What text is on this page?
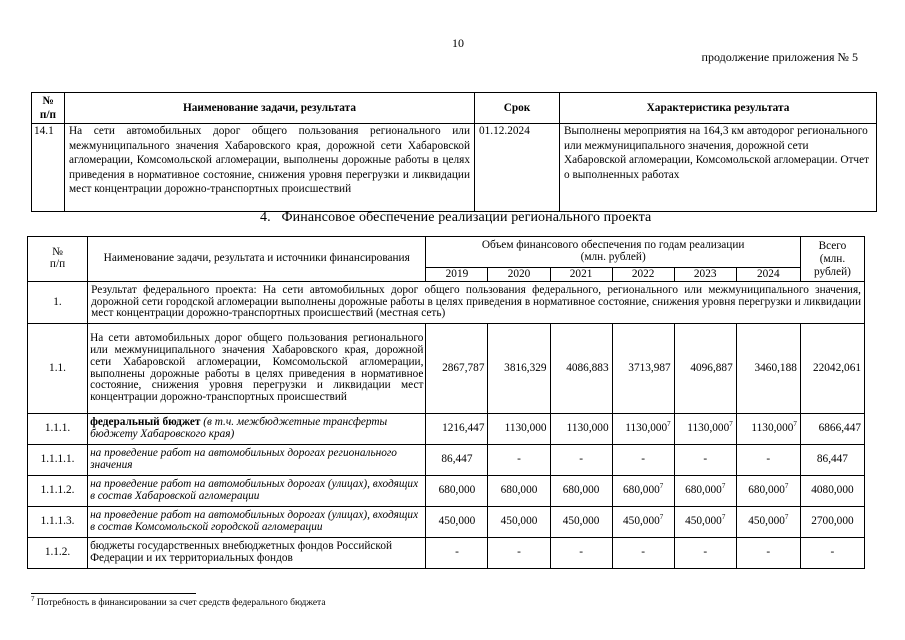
10
продолжение приложения № 5
№
п/п	Наименование задачи, результата	Срок	Характеристика результата
14.1	На сети автомобильных дорог общего пользования регионального или межмуниципального значения Хабаровского края, дорожной сети Хабаровской агломерации, Комсомольской агломерации, выполнены дорожные работы в целях приведения в нормативное состояние, снижения уровня перегрузки и ликвидации мест концентрации дорожно-транспортных происшествий	01.12.2024	Выполнены мероприятия на 164,3 км автодорог регионального или межмуниципального значения, дорожной сети Хабаровской агломерации, Комсомольской агломерации. Отчет о выполненных работах
4.   Финансовое обеспечение реализации регионального проекта
№
п/п	Наименование задачи, результата и источники финансирования	Объем финансового обеспечения по годам реализации
(млн. рублей)						Всего
(млн.
рублей)

		2019	2020	2021	2022	2023	2024	
1.	Результат федерального проекта: На сети автомобильных дорог общего пользования федерального, регионального или межмуниципального значения, дорожной сети городской агломерации выполнены дорожные работы в целях приведения в нормативное состояние, снижения уровня перегрузки и ликвидации мест концентрации дорожно-транспортных происшествий (местная сеть)							
1.1.	На сети автомобильных дорог общего пользования регионального или межмуниципального значения Хабаровского края, дорожной сети Хабаровской агломерации, Комсомольской агломерации, выполнены дорожные работы в целях приведения в нормативное состояние, снижения уровня перегрузки и ликвидации мест концентрации дорожно-транспортных происшествий	2867,787	3816,329	4086,883	3713,987	4096,887	3460,188	22042,061
1.1.1.	федеральный бюджет (в т.ч. межбюджетные трансферты бюджету Хабаровского края)	1216,447	1130,000	1130,000	1130,000$^7$	1130,000$^7$	1130,000$^7$	6866,447
1.1.1.1.	на проведение работ на автомобильных дорогах регионального значения	86,447	-	-	-	-	-	86,447
1.1.1.2.	на проведение работ на автомобильных дорогах (улицах), входящих в состав Хабаровской агломерации	680,000	680,000	680,000	680,000$^7$	680,000$^7$	680,000$^7$	4080,000
1.1.1.3.	на проведение работ на автомобильных дорогах (улицах), входящих в состав Комсомольской городской агломерации	450,000	450,000	450,000	450,000$^7$	450,000$^7$	450,000$^7$	2700,000
1.1.2.	бюджеты государственных внебюджетных фондов Российской Федерации и их территориальных фондов	-	-	-	-	-	-	-
$^7$ Потребность в финансировании за счет средств федерального бюджета
